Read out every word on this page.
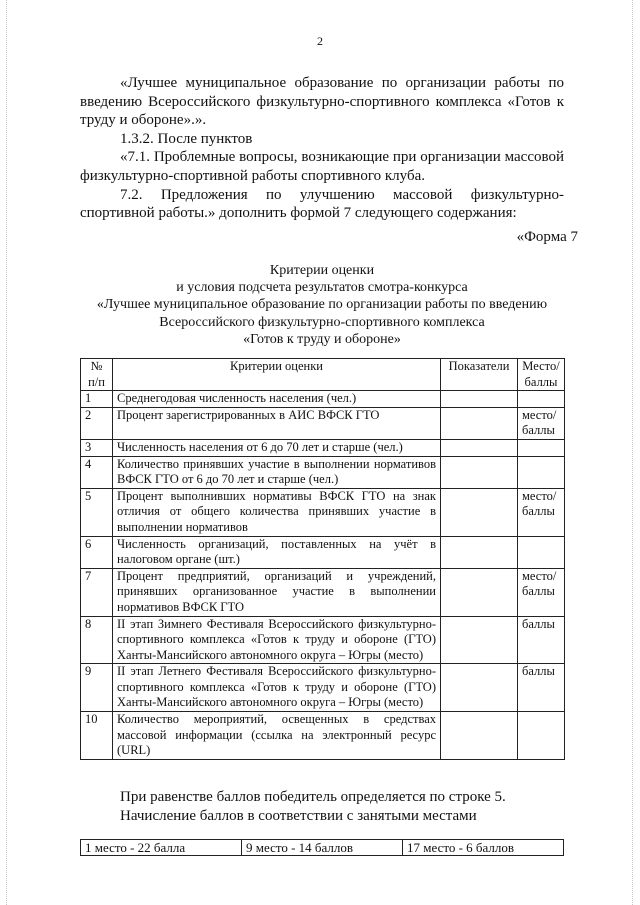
2

«Лучшее муниципальное образование по организации работы по введению Всероссийского физкультурно-спортивного комплекса «Готов к труду и обороне».».

1.3.2. После пунктов

«7.1. Проблемные вопросы, возникающие при организации массовой физкультурно-спортивной работы спортивного клуба.

7.2. Предложения по улучшению массовой физкультурно-спортивной работы.» дополнить формой 7 следующего содержания:

«Форма 7
Критерии оценки
и условия подсчета результатов смотра-конкурса
«Лучшее муниципальное образование по организации работы по введению
Всероссийского физкультурно-спортивного комплекса
«Готов к труду и обороне»
№ п/п	Критерии оценки	Показатели	Место/ баллы
1	Среднегодовая численность населения (чел.)		
2	Процент зарегистрированных в АИС ВФСК ГТО		место/ баллы
3	Численность населения от 6 до 70 лет и старше (чел.)		
4	Количество принявших участие в выполнении нормативов ВФСК ГТО от 6 до 70 лет и старше (чел.)		
5	Процент выполнивших нормативы ВФСК ГТО на знак отличия от общего количества принявших участие в выполнении нормативов		место/ баллы
6	Численность организаций, поставленных на учёт в налоговом органе (шт.)		
7	Процент предприятий, организаций и учреждений, принявших организованное участие в выполнении нормативов ВФСК ГТО		место/ баллы
8	II этап Зимнего Фестиваля Всероссийского физкультурно-спортивного комплекса «Готов к труду и обороне (ГТО) Ханты-Мансийского автономного округа – Югры (место)		баллы
9	II этап Летнего Фестиваля Всероссийского физкультурно-спортивного комплекса «Готов к труду и обороне (ГТО) Ханты-Мансийского автономного округа – Югры (место)		баллы
10	Количество мероприятий, освещенных в средствах массовой информации (ссылка на электронный ресурс (URL)		

При равенстве баллов победитель определяется по строке 5.

Начисление баллов в соответствии с занятыми местами

1 место - 22 балла	9 место - 14 баллов	17 место - 6 баллов
